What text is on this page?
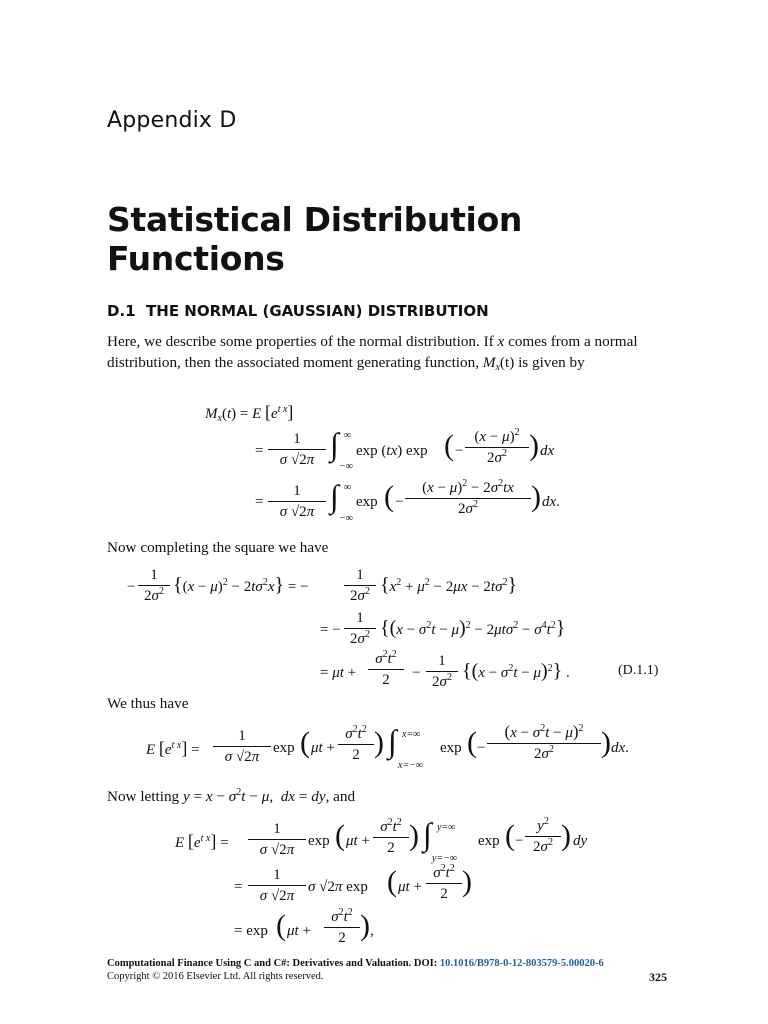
Appendix D
Statistical Distribution
Functions
D.1 THE NORMAL (GAUSSIAN) DISTRIBUTION

Here, we describe some properties of the normal distribution. If x comes from a normal distribution, then the associated moment generating function, $M_x(t)$ is given by

$M_x(t) = E$ $[e^{t x}]$
=
1
σ √2π ∫ ∞
−∞
exp (tx) exp ( −
$(x - \mu)^2$
$2\sigma^2$ ) dx
=
1
σ √2π ∫ ∞
−∞
exp ( −
$(x - \mu)^2 - 2\sigma^2tx$
$2\sigma^2$	) dx.

Now completing the square we have

−
1
$2\sigma^2$ $\{(x - \mu)^2 - 2t\sigma^2x\}$ = −
1
$2\sigma^2$ $\{x^2 + \mu^2 - 2\mu x - 2t\sigma^2\}$
= −
1
$2\sigma^2$ $\{(x - \sigma^2t - \mu)^2 - 2\mu t\sigma^2 - \sigma^4t^2\}$
= μt +
$\sigma^2t^2$
2	−
1
$2\sigma^2$ $\{(x - \sigma^2t - \mu)^2\}$ .	(D.1.1)

We thus have

E $[e^{t x}]$ =
1
σ √2π
exp ( μt +
$\sigma^2t^2$
2 ) ∫ x=∞
x=−∞
exp ( −
$(x - \sigma^2t - \mu)^2$
$2\sigma^2$	) dx.

Now letting $y = x - \sigma^2t - \mu$,  dx = dy, and

E $[e^{t x}]$ =
1
σ √2π
exp ( μt +
$\sigma^2t^2$
2 ) ∫ y=∞
y=−∞
exp ( −
$y^2$
$2\sigma^2$ ) dy
=
1
σ √2π
σ √2π exp ( μt +
$\sigma^2t^2$
2 )
= exp ( μt +
$\sigma^2t^2$
2 ) ,
Computational Finance Using C and C#: Derivatives and Valuation. DOI: 10.1016/B978-0-12-803579-5.00020-6
Copyright © 2016 Elsevier Ltd. All rights reserved.	325
